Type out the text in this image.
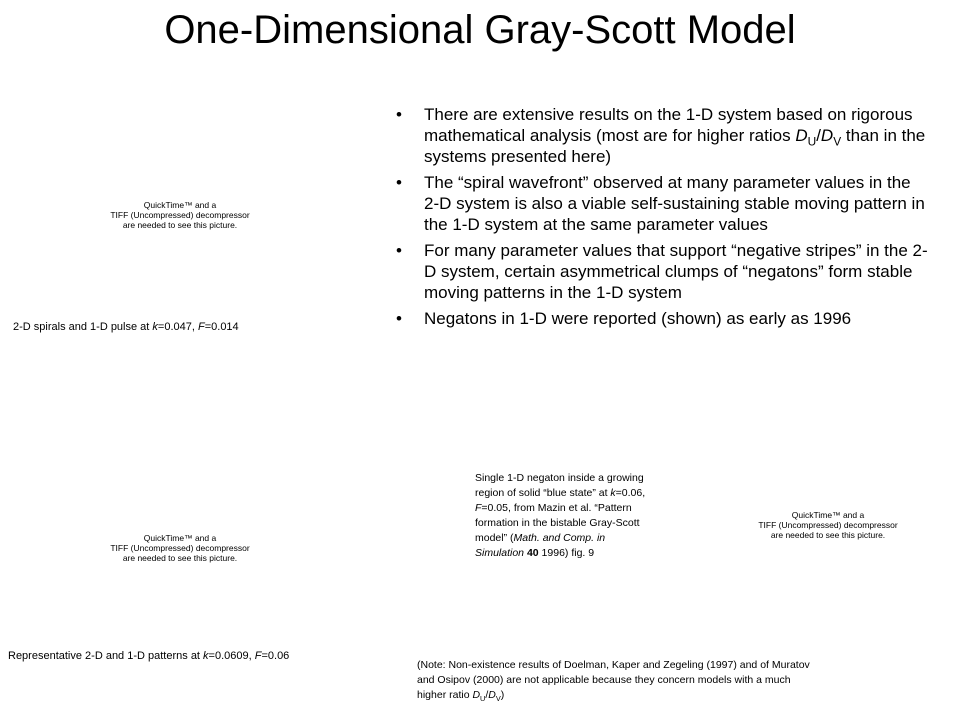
One-Dimensional Gray-Scott Model
• There are extensive results on the 1-D system based on rigorous mathematical analysis (most are for higher ratios $D_U/D_V$ than in the systems presented here)
• The “spiral wavefront” observed at many parameter values in the 2-D system is also a viable self-sustaining stable moving pattern in the 1-D system at the same parameter values
• For many parameter values that support “negative stripes” in the 2-D system, certain asymmetrical clumps of “negatons” form stable moving patterns in the 1-D system
• Negatons in 1-D were reported (shown) as early as 1996
QuickTime™ and a
TIFF (Uncompressed) decompressor
are needed to see this picture.
2-D spirals and 1-D pulse at k=0.047, F=0.014
QuickTime™ and a
TIFF (Uncompressed) decompressor
are needed to see this picture.
Representative 2-D and 1-D patterns at k=0.0609, F=0.06
Single 1-D negaton inside a growing
region of solid “blue state” at k=0.06,
F=0.05, from Mazin et al. “Pattern
formation in the bistable Gray-Scott
model” (Math. and Comp. in
Simulation 40 1996) fig. 9
QuickTime™ and a
TIFF (Uncompressed) decompressor
are needed to see this picture.
(Note: Non-existence results of Doelman, Kaper and Zegeling (1997) and of Muratov
and Osipov (2000) are not applicable because they concern models with a much
higher ratio $D_U/D_V$)
